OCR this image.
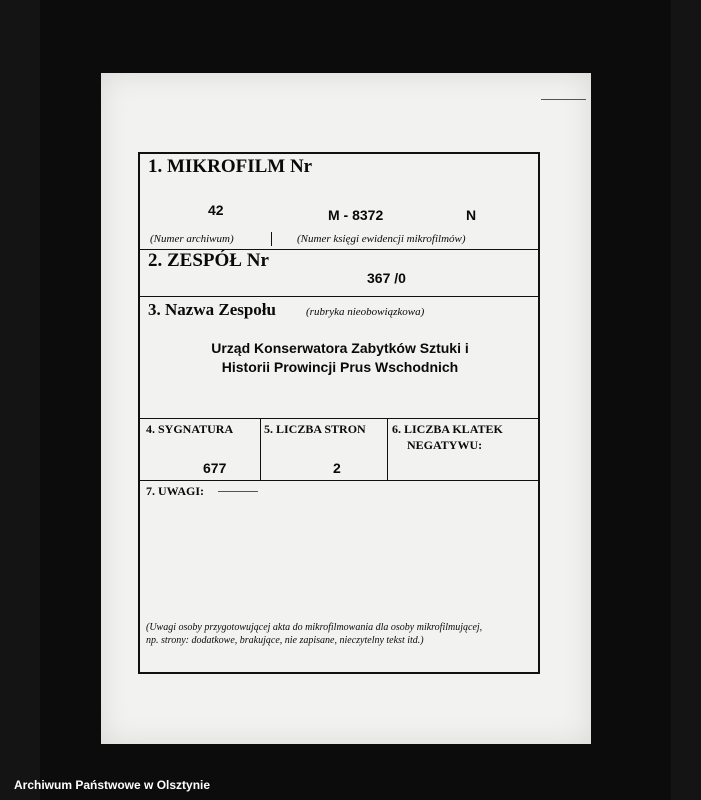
1. MIKROFILM Nr
42	M - 8372	N
(Numer archiwum)	(Numer księgi ewidencji mikrofilmów)
2. ZESPÓŁ Nr
367 /0
3. Nazwa Zespołu	(rubryka nieobowiązkowa)
Urząd Konserwatora Zabytków Sztuki i
Historii Prowincji Prus Wschodnich
4. SYGNATURA
677
5. LICZBA STRON
2
6. LICZBA KLATEK
NEGATYWU:
7. UWAGI:
(Uwagi osoby przygotowującej akta do mikrofilmowania dla osoby mikrofilmującej,
np. strony: dodatkowe, brakujące, nie zapisane, nieczytelny tekst itd.)
Archiwum Państwowe w Olsztynie
